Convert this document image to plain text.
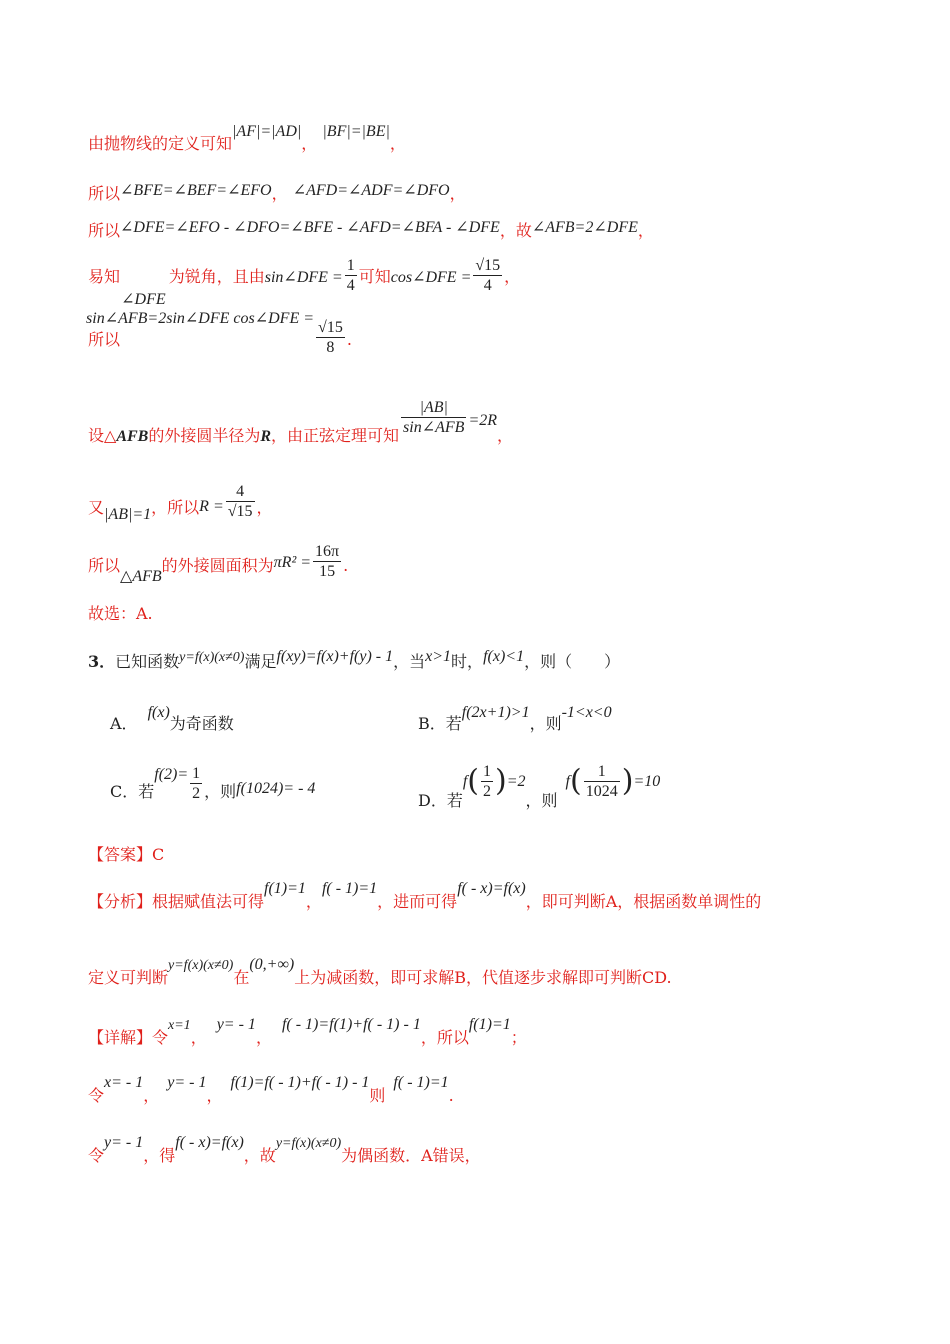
由抛物线的定义可知|AF|=|AD|， |BF|=|BE|，
所以∠BFE=∠BEF=∠EFO， ∠AFD=∠ADF=∠DFO，
所以∠DFE=∠EFO - ∠DFO=∠BFE - ∠AFD=∠BFA - ∠DFE，故∠AFB=2∠DFE，
易知 ∠DFE 为锐角，且由sin∠DFE = $\frac{1}{4}$ 可知cos∠DFE = $\frac{√15}{4}$ ，
所以sin∠AFB=2sin∠DFE cos∠DFE = $\frac{√15}{8}$ .
设△AFB的外接圆半径为R，由正弦定理可知 $\frac{|AB|}{\text{sin∠AFB}} =2R$，
又|AB|=1，所以$R = \frac{4}{√15}$ ，
所以△AFB的外接圆面积为$\pi R^2 = \frac{16\pi}{15}$ .
故选：A.
3．已知函数y=f(x)(x≠0)满足f(xy)=f(x)+f(y) - 1，当x>1时，f(x)<1，则（　　）
A．f(x)为奇函数	B．若f(2x+1)>1，则-1<x<0
C．若$f(2)= \frac{1}{2}$ ，则f(1024)= - 4
D．若$f( \frac{1}{2} )=2$，则$f( \frac{1}{1024} )=10$
【答案】C
【分析】根据赋值法可得f(1)=1，f( - 1)=1，进而可得f( - x)=f(x)，即可判断A，根据函数单调性的
定义可判断y=f(x)(x≠0)在(0,+∞)上为减函数，即可求解B，代值逐步求解即可判断CD.
【详解】令x=1，y= - 1，f( - 1)=f(1)+f( - 1) - 1，所以f(1)=1；
令x= - 1，y= - 1，f(1)=f( - 1)+f( - 1) - 1则f( - 1)=1.
令y= - 1，得f( - x)=f(x)，故y=f(x)(x≠0)为偶函数．A错误，
